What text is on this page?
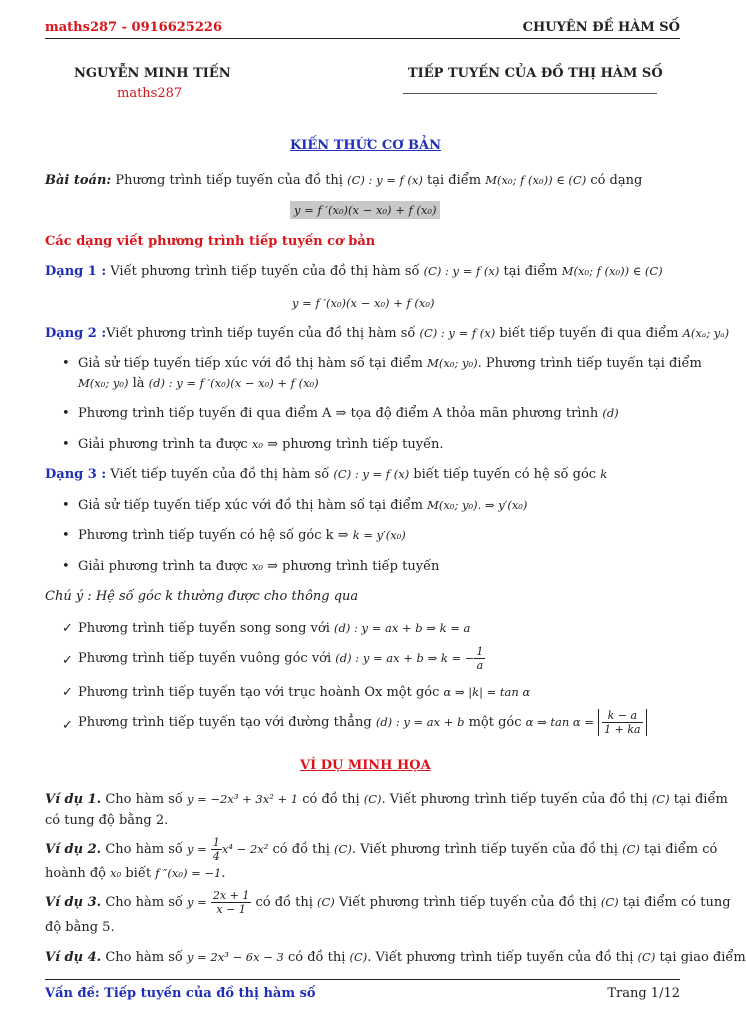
maths287 - 0916625226	CHUYÊN ĐỀ HÀM SỐ
NGUYỄN MINH TIẾN
maths287
TIẾP TUYẾN CỦA ĐỒ THỊ HÀM SỐ
KIẾN THỨC CƠ BẢN
Bài toán: Phương trình tiếp tuyến của đồ thị (C) : y = f (x) tại điểm M(x₀; f (x₀)) ∈ (C) có dạng
y = f ′(x₀)(x − x₀) + f (x₀)
Các dạng viết phương trình tiếp tuyến cơ bản
Dạng 1 : Viết phương trình tiếp tuyến của đồ thị hàm số (C) : y = f (x) tại điểm M(x₀; f (x₀)) ∈ (C)
y = f ′(x₀)(x − x₀) + f (x₀)
Dạng 2 :Viết phương trình tiếp tuyến của đồ thị hàm số (C) : y = f (x) biết tiếp tuyến đi qua điểm A(xₐ; yₐ)
• Giả sử tiếp tuyến tiếp xúc với đồ thị hàm số tại điểm M(x₀; y₀). Phương trình tiếp tuyến tại điểm
M(x₀; y₀) là (d) : y = f ′(x₀)(x − x₀) + f (x₀)
• Phương trình tiếp tuyến đi qua điểm A ⇒ tọa độ điểm A thỏa mãn phương trình (d)
• Giải phương trình ta được x₀ ⇒ phương trình tiếp tuyến.
Dạng 3 : Viết tiếp tuyến của đồ thị hàm số (C) : y = f (x) biết tiếp tuyến có hệ số góc k
• Giả sử tiếp tuyến tiếp xúc với đồ thị hàm số tại điểm M(x₀; y₀). ⇒ y′(x₀)
• Phương trình tiếp tuyến có hệ số góc k ⇒ k = y′(x₀)
• Giải phương trình ta được x₀ ⇒ phương trình tiếp tuyến
Chú ý : Hệ số góc k thường được cho thông qua
✓ Phương trình tiếp tuyến song song với (d) : y = ax + b ⇒ k = a
✓ Phương trình tiếp tuyến vuông góc với (d) : y = ax + b ⇒ k = − $\frac{1}{a}$
✓ Phương trình tiếp tuyến tạo với trục hoành Ox một góc α ⇒ |k| = tan α
✓ Phương trình tiếp tuyến tạo với đường thẳng (d) : y = ax + b một góc α ⇒ $\tan \alpha = \frac{k - a}{1 + ka}$
VÍ DỤ MINH HỌA
Ví dụ 1. Cho hàm số y = −2x³ + 3x² + 1 có đồ thị (C). Viết phương trình tiếp tuyến của đồ thị (C) tại điểm
có tung độ bằng 2.
Ví dụ 2. Cho hàm số $y = \frac{1}{4} x^4 - 2x^2$ có đồ thị (C). Viết phương trình tiếp tuyến của đồ thị (C) tại điểm có
hoành độ x₀ biết f ″(x₀) = −1.
Ví dụ 3. Cho hàm số $y = \frac{2x + 1}{x - 1}$ có đồ thị (C) Viết phương trình tiếp tuyến của đồ thị (C) tại điểm có tung
độ bằng 5.
Ví dụ 4. Cho hàm số y = 2x³ − 6x − 3 có đồ thị (C). Viết phương trình tiếp tuyến của đồ thị (C) tại giao điểm
Vấn đề: Tiếp tuyến của đồ thị hàm số	Trang 1/12
